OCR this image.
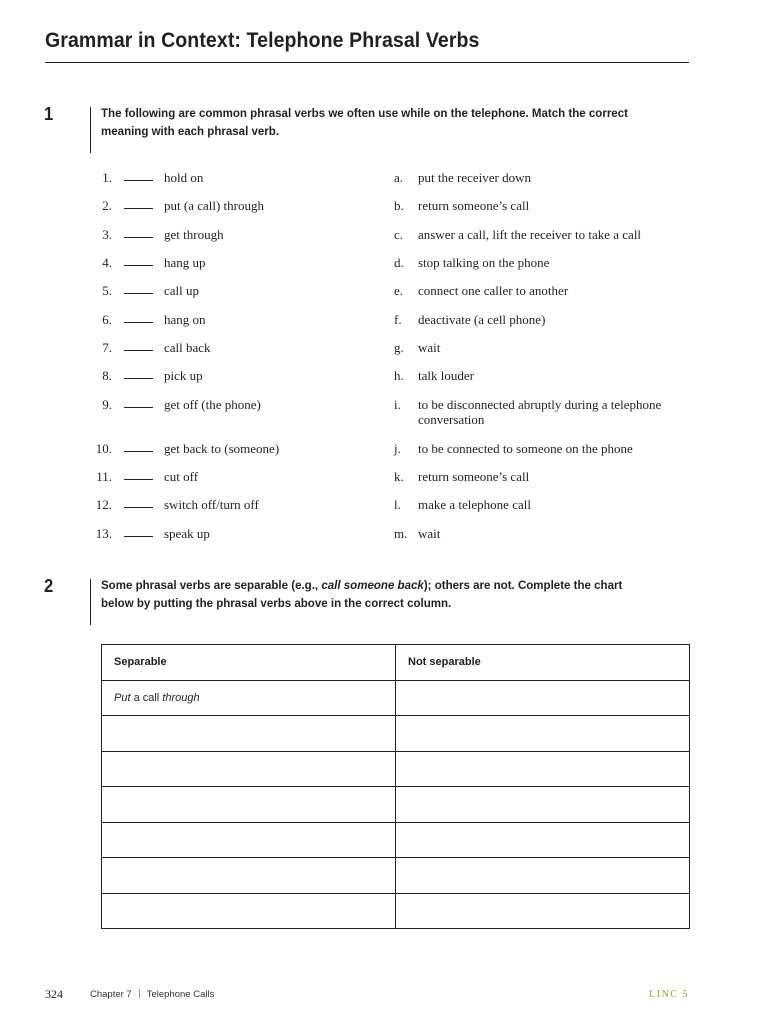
Grammar in Context: Telephone Phrasal Verbs
1	The following are common phrasal verbs we often use while on the telephone. Match the correct meaning with each phrasal verb.
1.	hold on	a. put the receiver down
2.	put (a call) through	b. return someone’s call
3.	get through	c. answer a call, lift the receiver to take a call
4.	hang up	d. stop talking on the phone
5.	call up	e. connect one caller to another
6.	hang on	f. deactivate (a cell phone)
7.	call back	g. wait
8.	pick up	h. talk louder
9.	get off (the phone)	i. to be disconnected abruptly during a telephone conversation
10.	get back to (someone)	j. to be connected to someone on the phone
11.	cut off	k. return someone’s call
12.	switch off/turn off	l. make a telephone call
13.	speak up	m. wait
2	Some phrasal verbs are separable (e.g., call someone back); others are not. Complete the chart below by putting the phrasal verbs above in the correct column.
Separable	Not separable
Put a call through	

324	Chapter 7 Telephone Calls	LINC 5
